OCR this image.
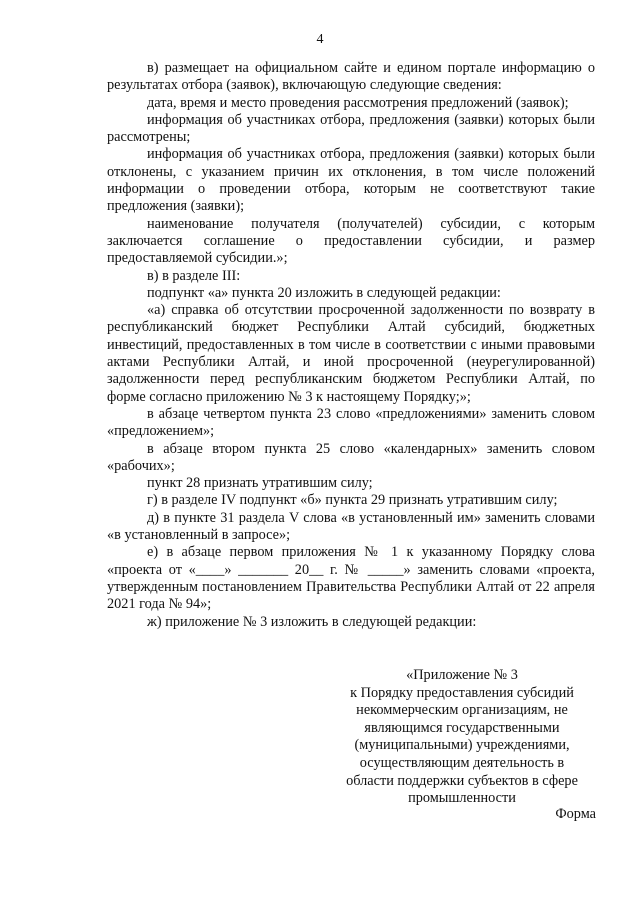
4

в) размещает на официальном сайте и едином портале информацию о результатах отбора (заявок), включающую следующие сведения:

дата, время и место проведения рассмотрения предложений (заявок);

информация об участниках отбора, предложения (заявки) которых были рассмотрены;

информация об участниках отбора, предложения (заявки) которых были отклонены, с указанием причин их отклонения, в том числе положений информации о проведении отбора, которым не соответствуют такие предложения (заявки);

наименование получателя (получателей) субсидии, с которым заключается соглашение о предоставлении субсидии, и размер предоставляемой субсидии.»;

в) в разделе III:

подпункт «а» пункта 20 изложить в следующей редакции:

«а) справка об отсутствии просроченной задолженности по возврату в республиканский бюджет Республики Алтай субсидий, бюджетных инвестиций, предоставленных в том числе в соответствии с иными правовыми актами Республики Алтай, и иной просроченной (неурегулированной) задолженности перед республиканским бюджетом Республики Алтай, по форме согласно приложению № 3 к настоящему Порядку;»;

в абзаце четвертом пункта 23 слово «предложениями» заменить словом «предложением»;

в абзаце втором пункта 25 слово «календарных» заменить словом «рабочих»;

пункт 28 признать утратившим силу;

г) в разделе IV подпункт «б» пункта 29 признать утратившим силу;

д) в пункте 31 раздела V слова «в установленный им» заменить словами «в установленный в запросе»;

е) в абзаце первом приложения № 1 к указанному Порядку слова «проекта от «____» _______ 20__ г. № _____» заменить словами «проекта, утвержденным постановлением Правительства Республики Алтай от 22 апреля 2021 года № 94»;

ж) приложение № 3 изложить в следующей редакции:

«Приложение № 3
к Порядку предоставления субсидий
некоммерческим организациям, не
являющимся государственными
(муниципальными) учреждениями,
осуществляющим деятельность в
области поддержки субъектов в сфере
промышленности
Форма
